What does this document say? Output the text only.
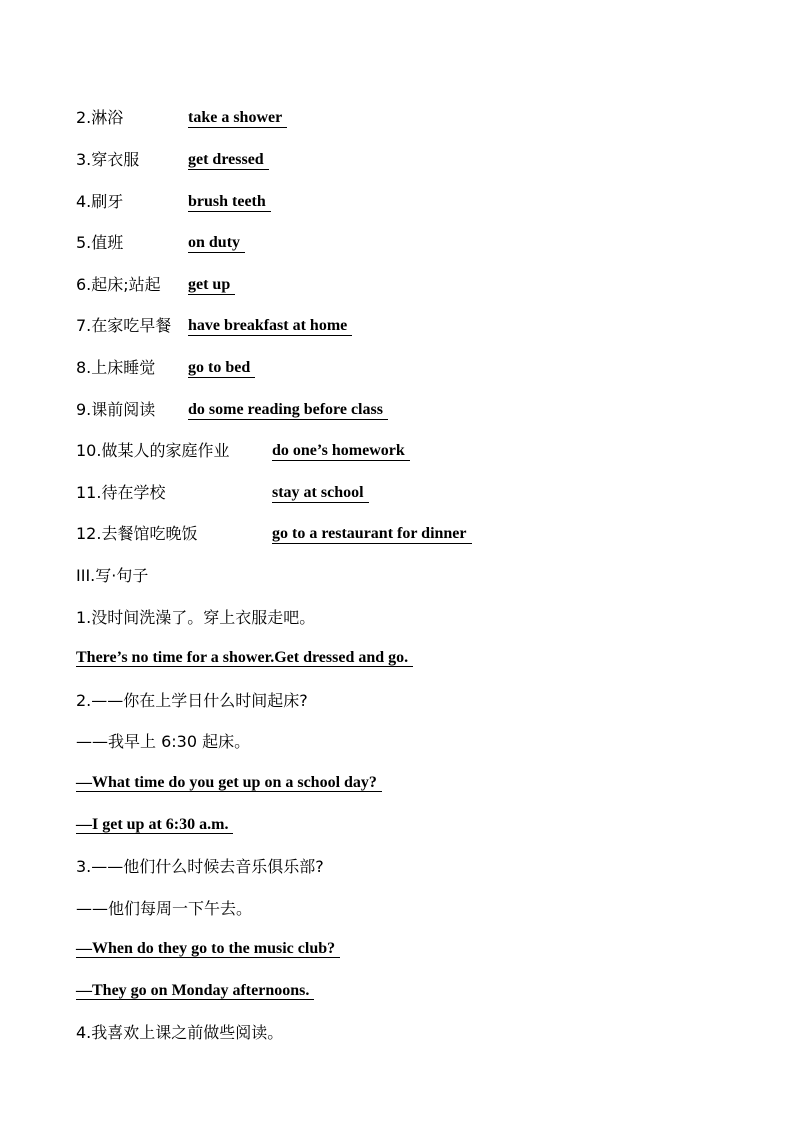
2.淋浴	take a shower
3.穿衣服	get dressed
4.刷牙	brush teeth
5.值班	on duty
6.起床;站起 get up
7.在家吃早餐 have breakfast at home
8.上床睡觉 go to bed
9.课前阅读 do some reading before class
10.做某人的家庭作业	do one’s homework
11.待在学校	stay at school
12.去餐馆吃晚饭	go to a restaurant for dinner
III.写·句子
1.没时间洗澡了。穿上衣服走吧。
There’s no time for a shower.Get dressed and go.
2.——你在上学日什么时间起床?
——我早上 6:30 起床。
—What time do you get up on a school day?
—I get up at 6:30 a.m.
3.——他们什么时候去音乐俱乐部?
——他们每周一下午去。
—When do they go to the music club?
—They go on Monday afternoons.
4.我喜欢上课之前做些阅读。
